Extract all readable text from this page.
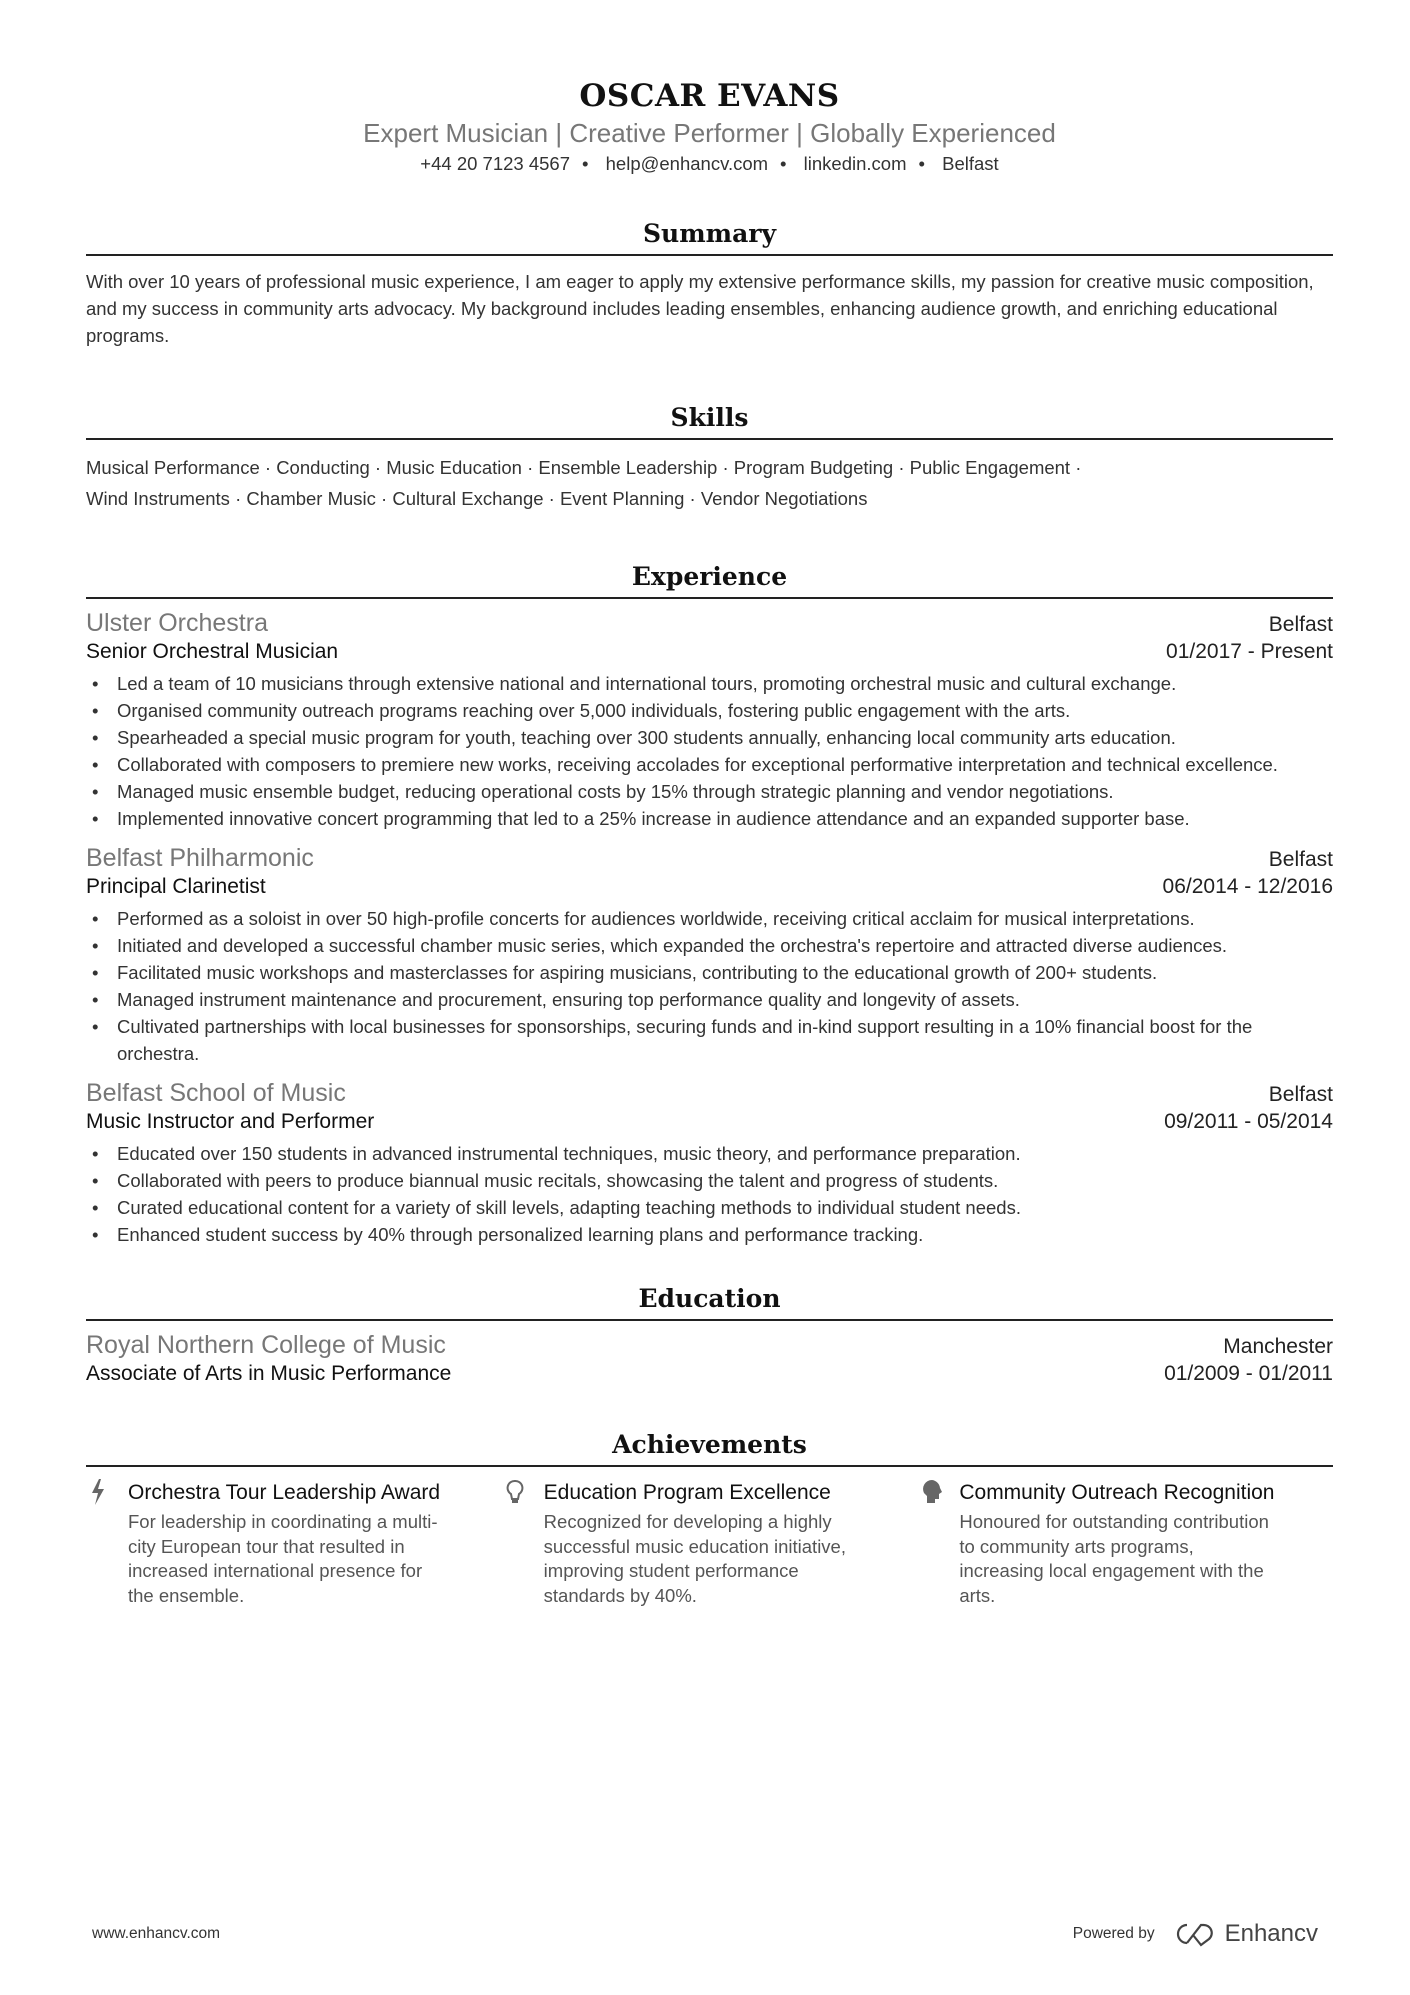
OSCAR EVANS
Expert Musician | Creative Performer | Globally Experienced
+44 20 7123 4567 • help@enhancv.com • linkedin.com • Belfast
Summary
With over 10 years of professional music experience, I am eager to apply my extensive performance skills, my passion for creative music composition, and my success in community arts advocacy. My background includes leading ensembles, enhancing audience growth, and enriching educational programs.
Skills
Musical Performance · Conducting · Music Education · Ensemble Leadership · Program Budgeting · Public Engagement ·
Wind Instruments · Chamber Music · Cultural Exchange · Event Planning · Vendor Negotiations
Experience
Ulster Orchestra	Belfast
Senior Orchestral Musician	01/2017 - Present
• Led a team of 10 musicians through extensive national and international tours, promoting orchestral music and cultural exchange.
• Organised community outreach programs reaching over 5,000 individuals, fostering public engagement with the arts.
• Spearheaded a special music program for youth, teaching over 300 students annually, enhancing local community arts education.
• Collaborated with composers to premiere new works, receiving accolades for exceptional performative interpretation and technical excellence.
• Managed music ensemble budget, reducing operational costs by 15% through strategic planning and vendor negotiations.
• Implemented innovative concert programming that led to a 25% increase in audience attendance and an expanded supporter base.
Belfast Philharmonic	Belfast
Principal Clarinetist	06/2014 - 12/2016
• Performed as a soloist in over 50 high-profile concerts for audiences worldwide, receiving critical acclaim for musical interpretations.
• Initiated and developed a successful chamber music series, which expanded the orchestra's repertoire and attracted diverse audiences.
• Facilitated music workshops and masterclasses for aspiring musicians, contributing to the educational growth of 200+ students.
• Managed instrument maintenance and procurement, ensuring top performance quality and longevity of assets.
• Cultivated partnerships with local businesses for sponsorships, securing funds and in-kind support resulting in a 10% financial boost for the orchestra.
Belfast School of Music	Belfast
Music Instructor and Performer	09/2011 - 05/2014
• Educated over 150 students in advanced instrumental techniques, music theory, and performance preparation.
• Collaborated with peers to produce biannual music recitals, showcasing the talent and progress of students.
• Curated educational content for a variety of skill levels, adapting teaching methods to individual student needs.
• Enhanced student success by 40% through personalized learning plans and performance tracking.
Education
Royal Northern College of Music	Manchester
Associate of Arts in Music Performance	01/2009 - 01/2011
Achievements
Orchestra Tour Leadership Award
For leadership in coordinating a multi-city European tour that resulted in increased international presence for the ensemble.
Education Program Excellence
Recognized for developing a highly successful music education initiative, improving student performance standards by 40%.
Community Outreach Recognition
Honoured for outstanding contribution to community arts programs, increasing local engagement with the arts.
www.enhancv.com	Powered by	Enhancv
